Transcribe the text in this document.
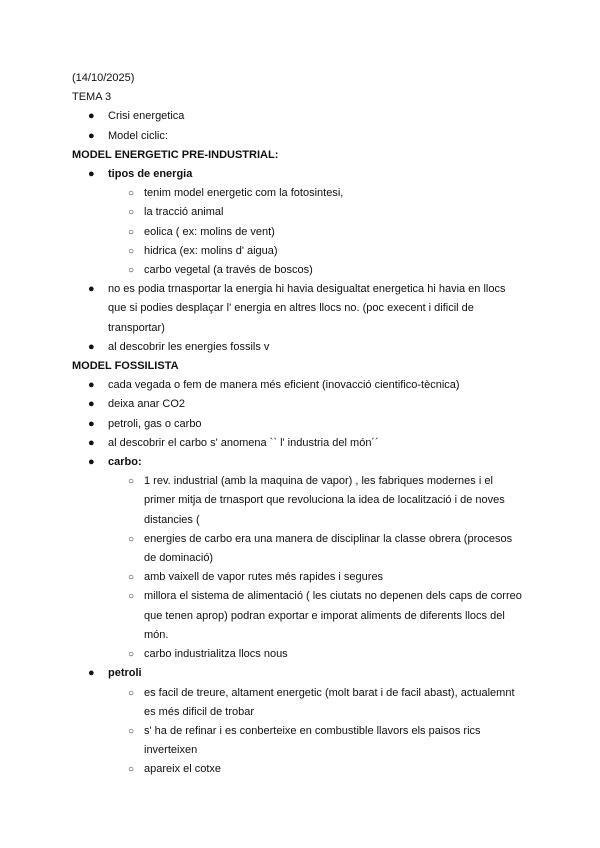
(14/10/2025)

TEMA 3

● Crisi energetica
● Model ciclic:

MODEL ENERGETIC PRE-INDUSTRIAL:

● tipos de energia
○ tenim model energetic com la fotosintesi,
○ la tracció animal
○ eolica ( ex: molins de vent)
○ hidrica (ex: molins d' aigua)
○ carbo vegetal (a través de boscos)
● no es podia trnasportar la energia hi havia desigualtat energetica hi havia en llocs
que si podies desplaçar l' energia en altres llocs no. (poc execent i dificil de
transportar)
● al descobrir les energies fossils v

MODEL FOSSILISTA

● cada vegada o fem de manera més eficient (inovacció cientifico-tècnica)
● deixa anar CO2
● petroli, gas o carbo
● al descobrir el carbo s' anomena `` l' industria del món´´
● carbo:
○ 1 rev. industrial (amb la maquina de vapor) , les fabriques modernes i el
primer mitja de trnasport que revoluciona la idea de localització i de noves
distancies (
○ energies de carbo era una manera de disciplinar la classe obrera (procesos
de dominació)
○ amb vaixell de vapor rutes més rapides i segures
○ millora el sistema de alimentació ( les ciutats no depenen dels caps de correo
que tenen aprop) podran exportar e imporat aliments de diferents llocs del
món.
○ carbo industrialitza llocs nous
● petroli
○ es facil de treure, altament energetic (molt barat i de facil abast), actualemnt
es més dificil de trobar
○ s' ha de refinar i es conberteixe en combustible llavors els paisos rics
inverteixen
○ apareix el cotxe
